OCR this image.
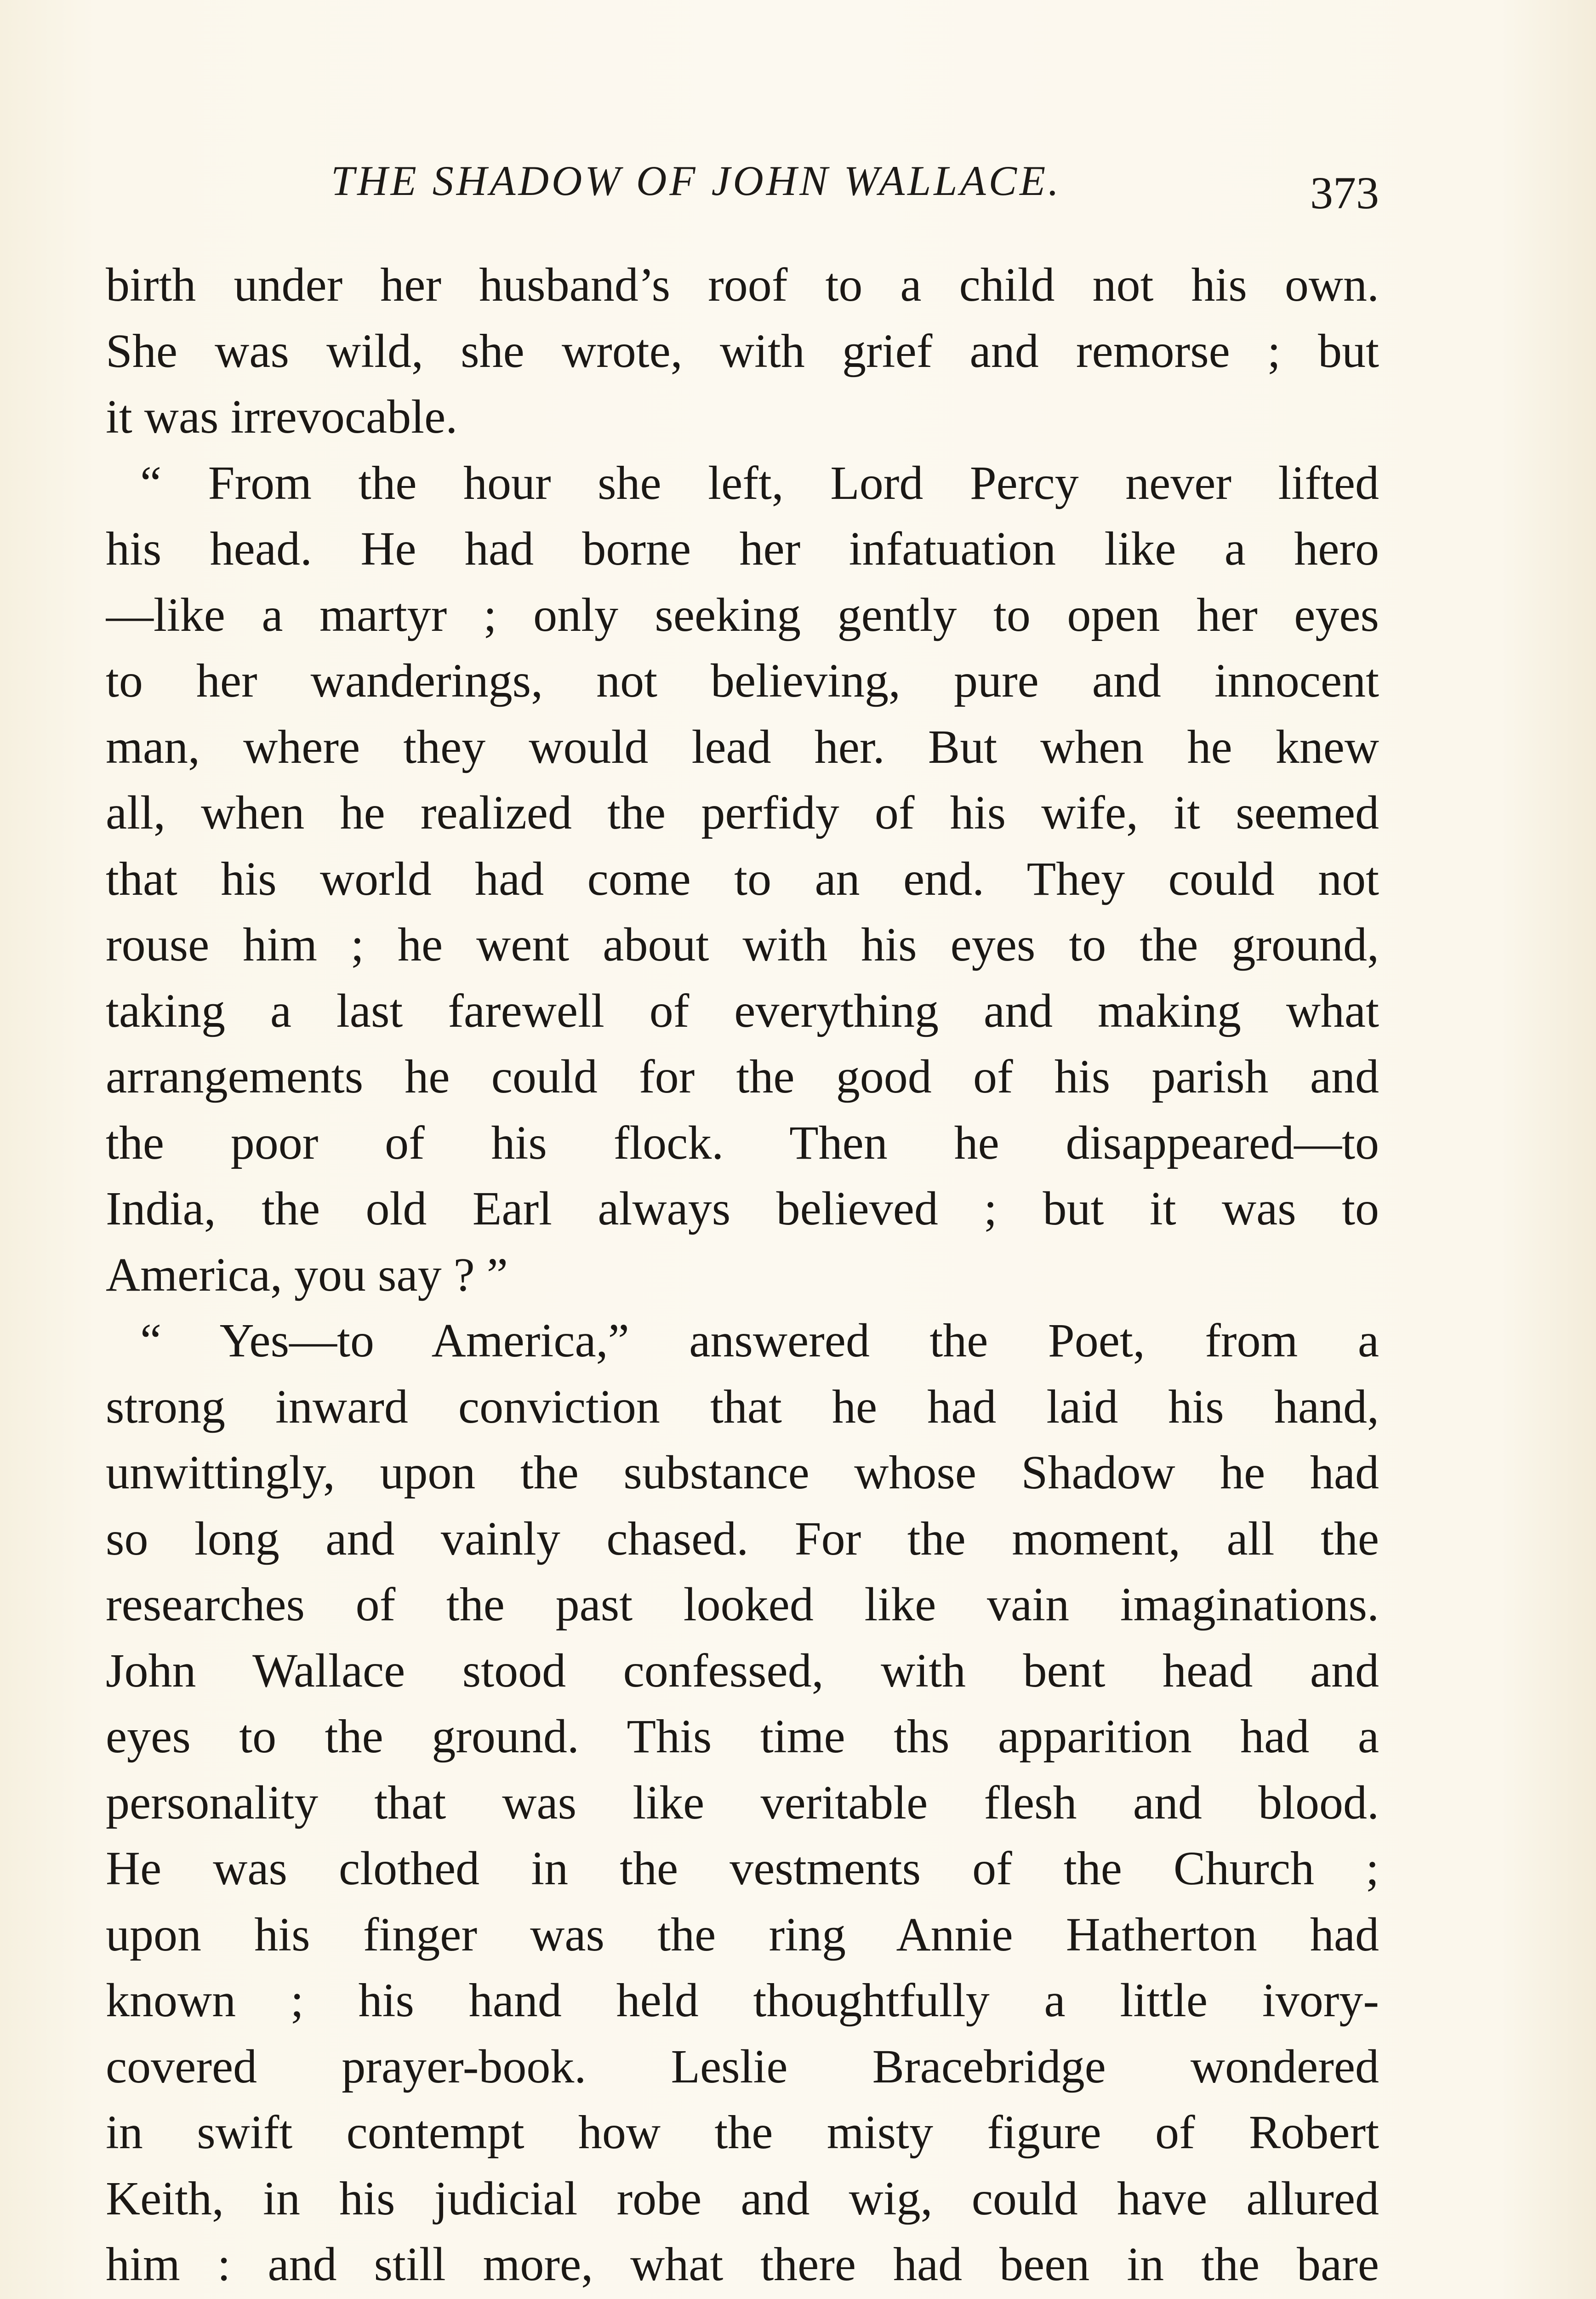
THE SHADOW OF JOHN WALLACE.	373
birth under her husband’s roof to a child not his own.
She was wild, she wrote, with grief and remorse ; but
it was irrevocable.
“ From the hour she left, Lord Percy never lifted
his head. He had borne her infatuation like a hero
—like a martyr ; only seeking gently to open her eyes
to her wanderings, not believing, pure and innocent
man, where they would lead her. But when he knew
all, when he realized the perfidy of his wife, it seemed
that his world had come to an end. They could not
rouse him ; he went about with his eyes to the ground,
taking a last farewell of everything and making what
arrangements he could for the good of his parish and
the poor of his flock. Then he disappeared—to
India, the old Earl always believed ; but it was to
America, you say ? ”
“ Yes—to America,” answered the Poet, from a
strong inward conviction that he had laid his hand,
unwittingly, upon the substance whose Shadow he had
so long and vainly chased. For the moment, all the
researches of the past looked like vain imaginations.
John Wallace stood confessed, with bent head and
eyes to the ground. This time ths apparition had a
personality that was like veritable flesh and blood.
He was clothed in the vestments of the Church ;
upon his finger was the ring Annie Hatherton had
known ; his hand held thoughtfully a little ivory-
covered prayer-book. Leslie Bracebridge wondered
in swift contempt how the misty figure of Robert
Keith, in his judicial robe and wig, could have allured
him : and still more, what there had been in the bare
